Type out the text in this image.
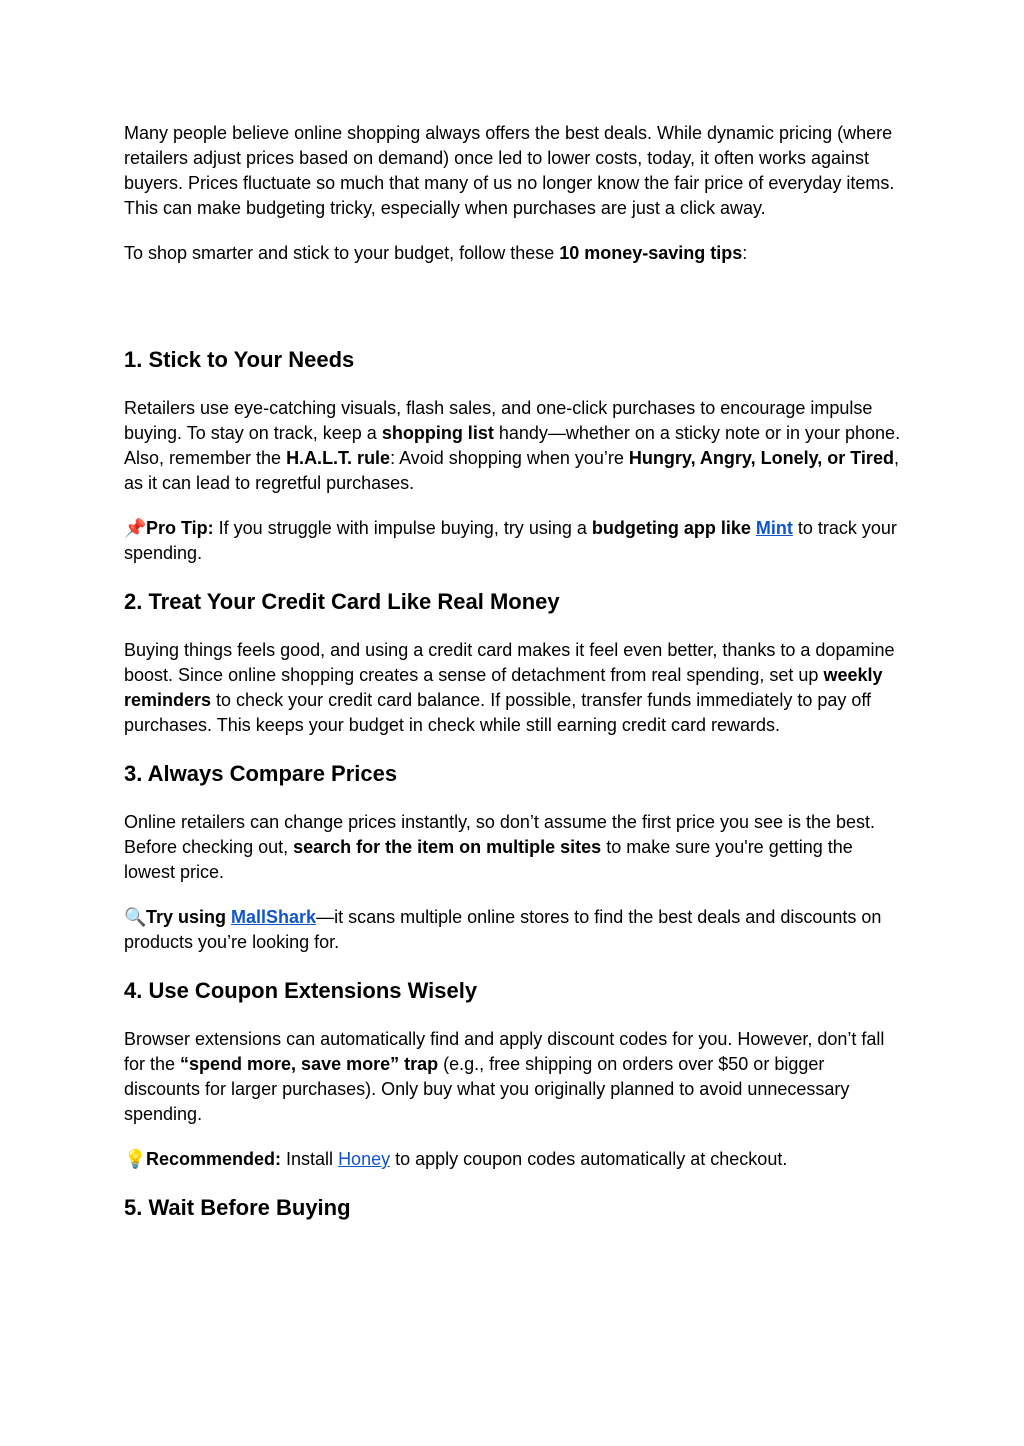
Many people believe online shopping always offers the best deals. While dynamic pricing (where retailers adjust prices based on demand) once led to lower costs, today, it often works against buyers. Prices fluctuate so much that many of us no longer know the fair price of everyday items. This can make budgeting tricky, especially when purchases are just a click away.

To shop smarter and stick to your budget, follow these 10 money-saving tips:

1. Stick to Your Needs

Retailers use eye-catching visuals, flash sales, and one-click purchases to encourage impulse buying. To stay on track, keep a shopping list handy—whether on a sticky note or in your phone. Also, remember the H.A.L.T. rule: Avoid shopping when you’re Hungry, Angry, Lonely, or Tired, as it can lead to regretful purchases.

📌Pro Tip: If you struggle with impulse buying, try using a budgeting app like Mint to track your spending.

2. Treat Your Credit Card Like Real Money

Buying things feels good, and using a credit card makes it feel even better, thanks to a dopamine boost. Since online shopping creates a sense of detachment from real spending, set up weekly reminders to check your credit card balance. If possible, transfer funds immediately to pay off purchases. This keeps your budget in check while still earning credit card rewards.

3. Always Compare Prices

Online retailers can change prices instantly, so don’t assume the first price you see is the best. Before checking out, search for the item on multiple sites to make sure you're getting the lowest price.

🔍Try using MallShark—it scans multiple online stores to find the best deals and discounts on products you’re looking for.

4. Use Coupon Extensions Wisely

Browser extensions can automatically find and apply discount codes for you. However, don’t fall for the “spend more, save more” trap (e.g., free shipping on orders over $50 or bigger discounts for larger purchases). Only buy what you originally planned to avoid unnecessary spending.

💡Recommended: Install Honey to apply coupon codes automatically at checkout.

5. Wait Before Buying
